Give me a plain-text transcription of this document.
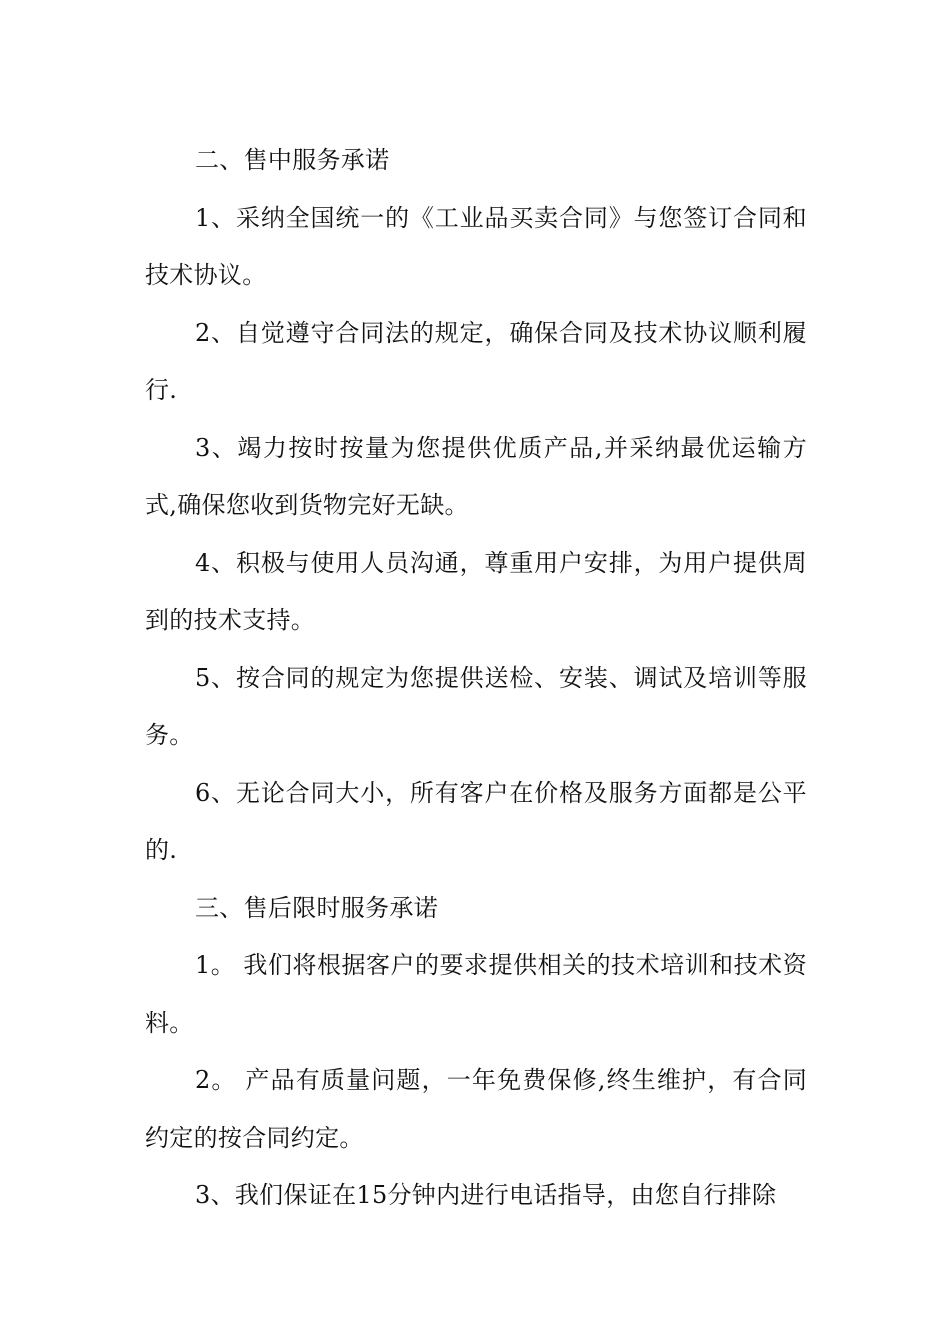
二、售中服务承诺

1、采纳全国统一的《工业品买卖合同》与您签订合同和技术协议。

2、自觉遵守合同法的规定，确保合同及技术协议顺利履行.

3、竭力按时按量为您提供优质产品,并采纳最优运输方式,确保您收到货物完好无缺。

4、积极与使用人员沟通，尊重用户安排，为用户提供周到的技术支持。

5、按合同的规定为您提供送检、安装、调试及培训等服务。

6、无论合同大小，所有客户在价格及服务方面都是公平的.

三、售后限时服务承诺

1。 我们将根据客户的要求提供相关的技术培训和技术资料。

2。 产品有质量问题，一年免费保修,终生维护，有合同约定的按合同约定。

3、我们保证在15分钟内进行电话指导，由您自行排除
